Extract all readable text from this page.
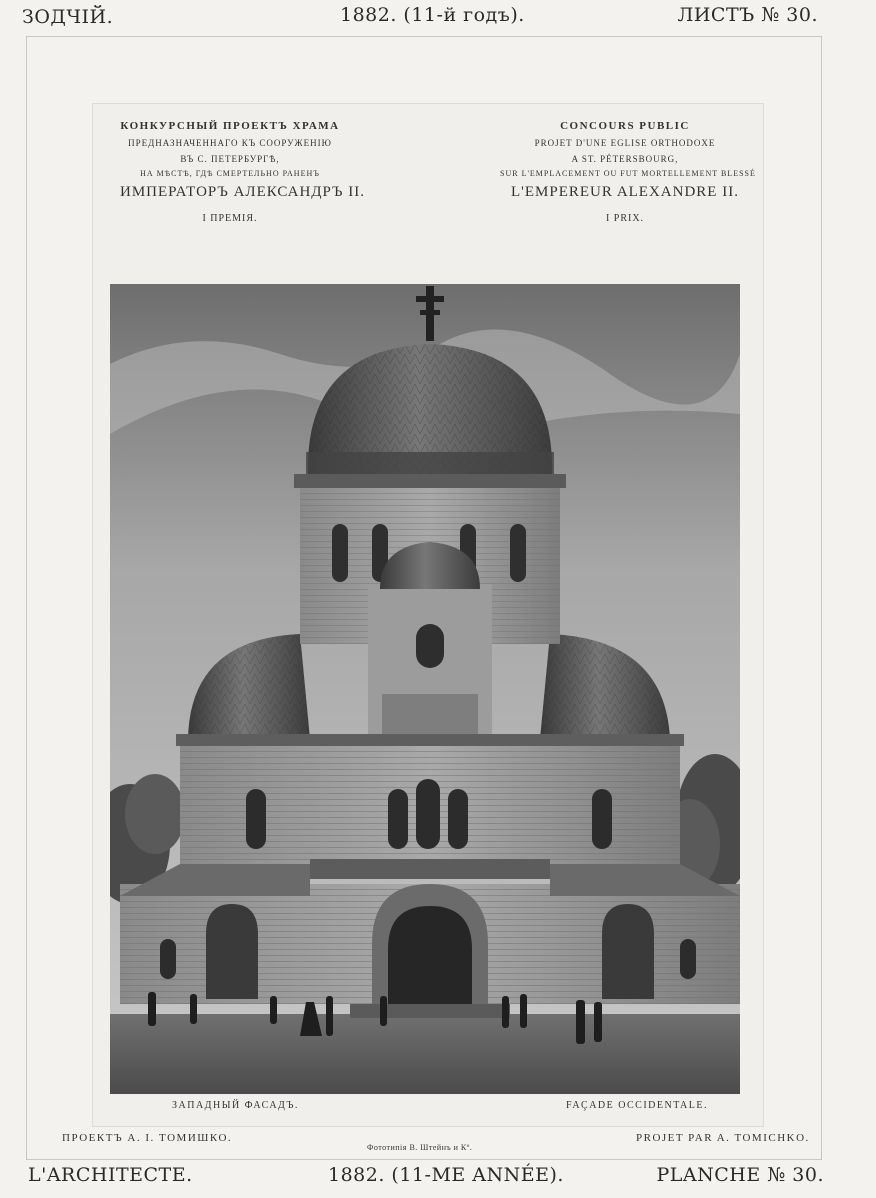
ЗОДЧІЙ.	1882. (11-й годъ).	ЛИСТЪ № 30.
КОНКУРСНЫЙ ПРОЕКТЪ ХРАМА
ПРЕДНАЗНАЧЕННАГО КЪ СООРУЖЕНІЮ
ВЪ С. ПЕТЕРБУРГѢ,
НА МѢСТѢ, ГДѢ СМЕРТЕЛЬНО РАНЕНЪ
ИМПЕРАТОРЪ АЛЕКСАНДРЪ II.
I ПРЕМІЯ.
CONCOURS PUBLIC
PROJET D'UNE EGLISE ORTHODOXE
A ST. PÉTERSBOURG,
SUR L'EMPLACEMENT OU FUT MORTELLEMENT BLESSÉ
L'EMPEREUR ALEXANDRE II.
I PRIX.
ЗАПАДНЫЙ ФАСАДЪ.	FAÇADE OCCIDENTALE.
ПРОЕКТЪ А. І. ТОМИШКО.
Фототипія В. Штейнъ и Кº.
PROJET PAR A. TOMICHKO.
L'ARCHITECTE.	1882. (11-ME ANNÉE).	PLANCHE № 30.
